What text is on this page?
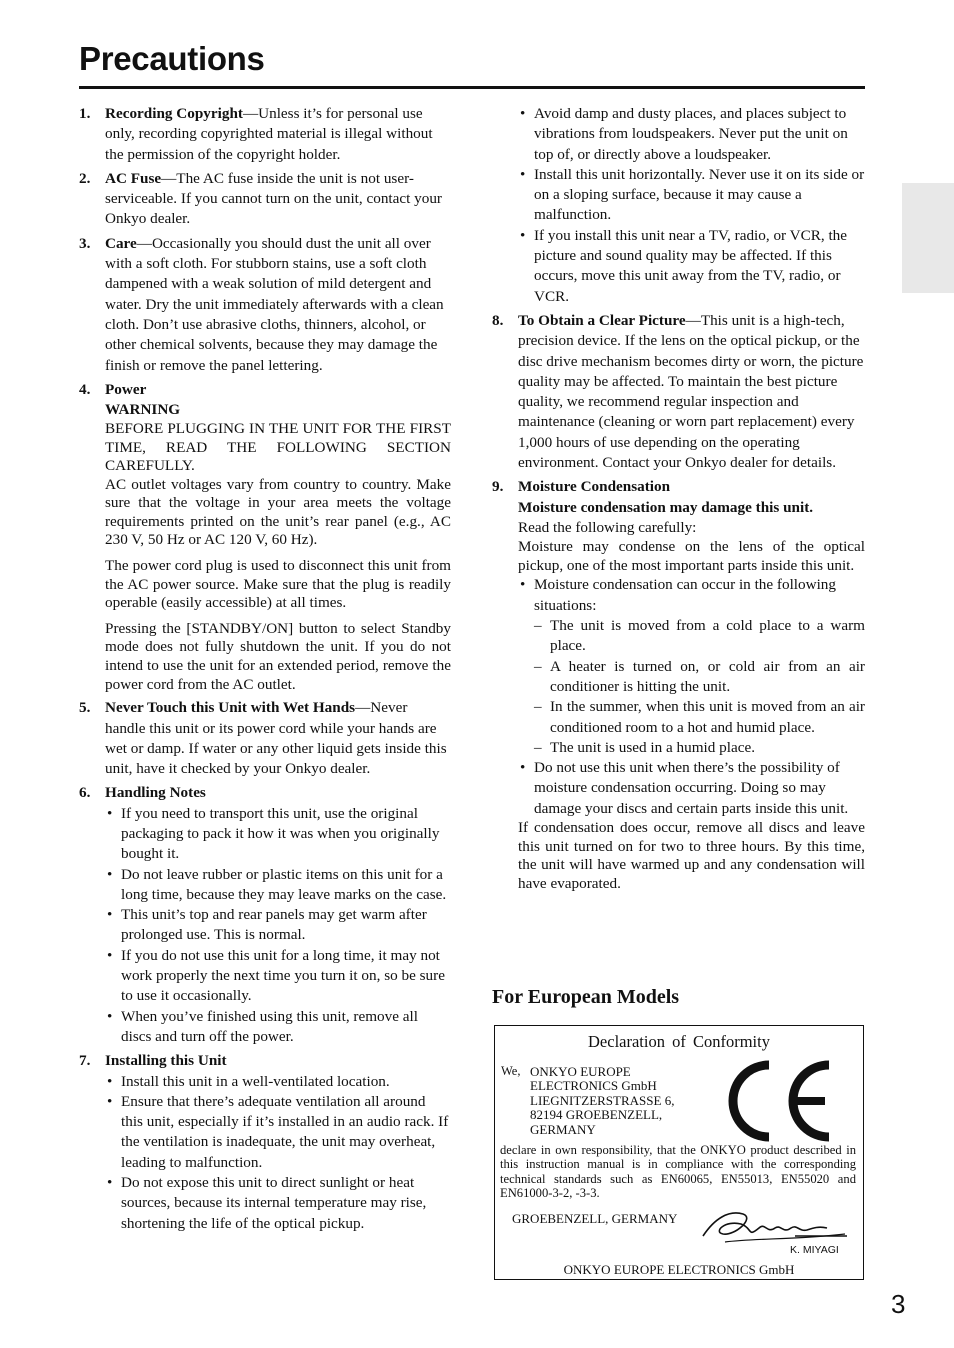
Precautions
1. Recording Copyright—Unless it’s for personal use only, recording copyrighted material is illegal without the permission of the copyright holder.
2. AC Fuse—The AC fuse inside the unit is not user-serviceable. If you cannot turn on the unit, contact your Onkyo dealer.
3. Care—Occasionally you should dust the unit all over with a soft cloth. For stubborn stains, use a soft cloth dampened with a weak solution of mild detergent and water. Dry the unit immediately afterwards with a clean cloth. Don’t use abrasive cloths, thinners, alcohol, or other chemical solvents, because they may damage the finish or remove the panel lettering.
4. Power
WARNING
BEFORE PLUGGING IN THE UNIT FOR THE FIRST TIME, READ THE FOLLOWING SECTION CAREFULLY.
AC outlet voltages vary from country to country. Make sure that the voltage in your area meets the voltage requirements printed on the unit’s rear panel (e.g., AC 230 V, 50 Hz or AC 120 V, 60 Hz).
The power cord plug is used to disconnect this unit from the AC power source. Make sure that the plug is readily operable (easily accessible) at all times.
Pressing the [STANDBY/ON] button to select Standby mode does not fully shutdown the unit. If you do not intend to use the unit for an extended period, remove the power cord from the AC outlet.
5. Never Touch this Unit with Wet Hands—Never handle this unit or its power cord while your hands are wet or damp. If water or any other liquid gets inside this unit, have it checked by your Onkyo dealer.
6. Handling Notes
• If you need to transport this unit, use the original packaging to pack it how it was when you originally bought it.
• Do not leave rubber or plastic items on this unit for a long time, because they may leave marks on the case.
• This unit’s top and rear panels may get warm after prolonged use. This is normal.
• If you do not use this unit for a long time, it may not work properly the next time you turn it on, so be sure to use it occasionally.
• When you’ve finished using this unit, remove all discs and turn off the power.
7. Installing this Unit
• Install this unit in a well-ventilated location.
• Ensure that there’s adequate ventilation all around this unit, especially if it’s installed in an audio rack. If the ventilation is inadequate, the unit may overheat, leading to malfunction.
• Do not expose this unit to direct sunlight or heat sources, because its internal temperature may rise, shortening the life of the optical pickup.
• Avoid damp and dusty places, and places subject to vibrations from loudspeakers. Never put the unit on top of, or directly above a loudspeaker.
• Install this unit horizontally. Never use it on its side or on a sloping surface, because it may cause a malfunction.
• If you install this unit near a TV, radio, or VCR, the picture and sound quality may be affected. If this occurs, move this unit away from the TV, radio, or VCR.
8. To Obtain a Clear Picture—This unit is a high-tech, precision device. If the lens on the optical pickup, or the disc drive mechanism becomes dirty or worn, the picture quality may be affected. To maintain the best picture quality, we recommend regular inspection and maintenance (cleaning or worn part replacement) every 1,000 hours of use depending on the operating environment. Contact your Onkyo dealer for details.
9. Moisture Condensation
Moisture condensation may damage this unit.
Read the following carefully:
Moisture may condense on the lens of the optical pickup, one of the most important parts inside this unit.
• Moisture condensation can occur in the following situations:
– The unit is moved from a cold place to a warm place.
– A heater is turned on, or cold air from an air conditioner is hitting the unit.
– In the summer, when this unit is moved from an air conditioned room to a hot and humid place.
– The unit is used in a humid place.
• Do not use this unit when there’s the possibility of moisture condensation occurring. Doing so may damage your discs and certain parts inside this unit.
If condensation does occur, remove all discs and leave this unit turned on for two to three hours. By this time, the unit will have warmed up and any condensation will have evaporated.
For European Models
Declaration of Conformity
We, ONKYO EUROPE
ELECTRONICS GmbH
LIEGNITZERSTRASSE 6,
82194 GROEBENZELL,
GERMANY
declare in own responsibility, that the ONKYO product described in this instruction manual is in compliance with the corresponding technical standards such as EN60065, EN55013, EN55020 and EN61000-3-2, -3-3.
GROEBENZELL, GERMANY
K. MIYAGI
ONKYO EUROPE ELECTRONICS GmbH
3
